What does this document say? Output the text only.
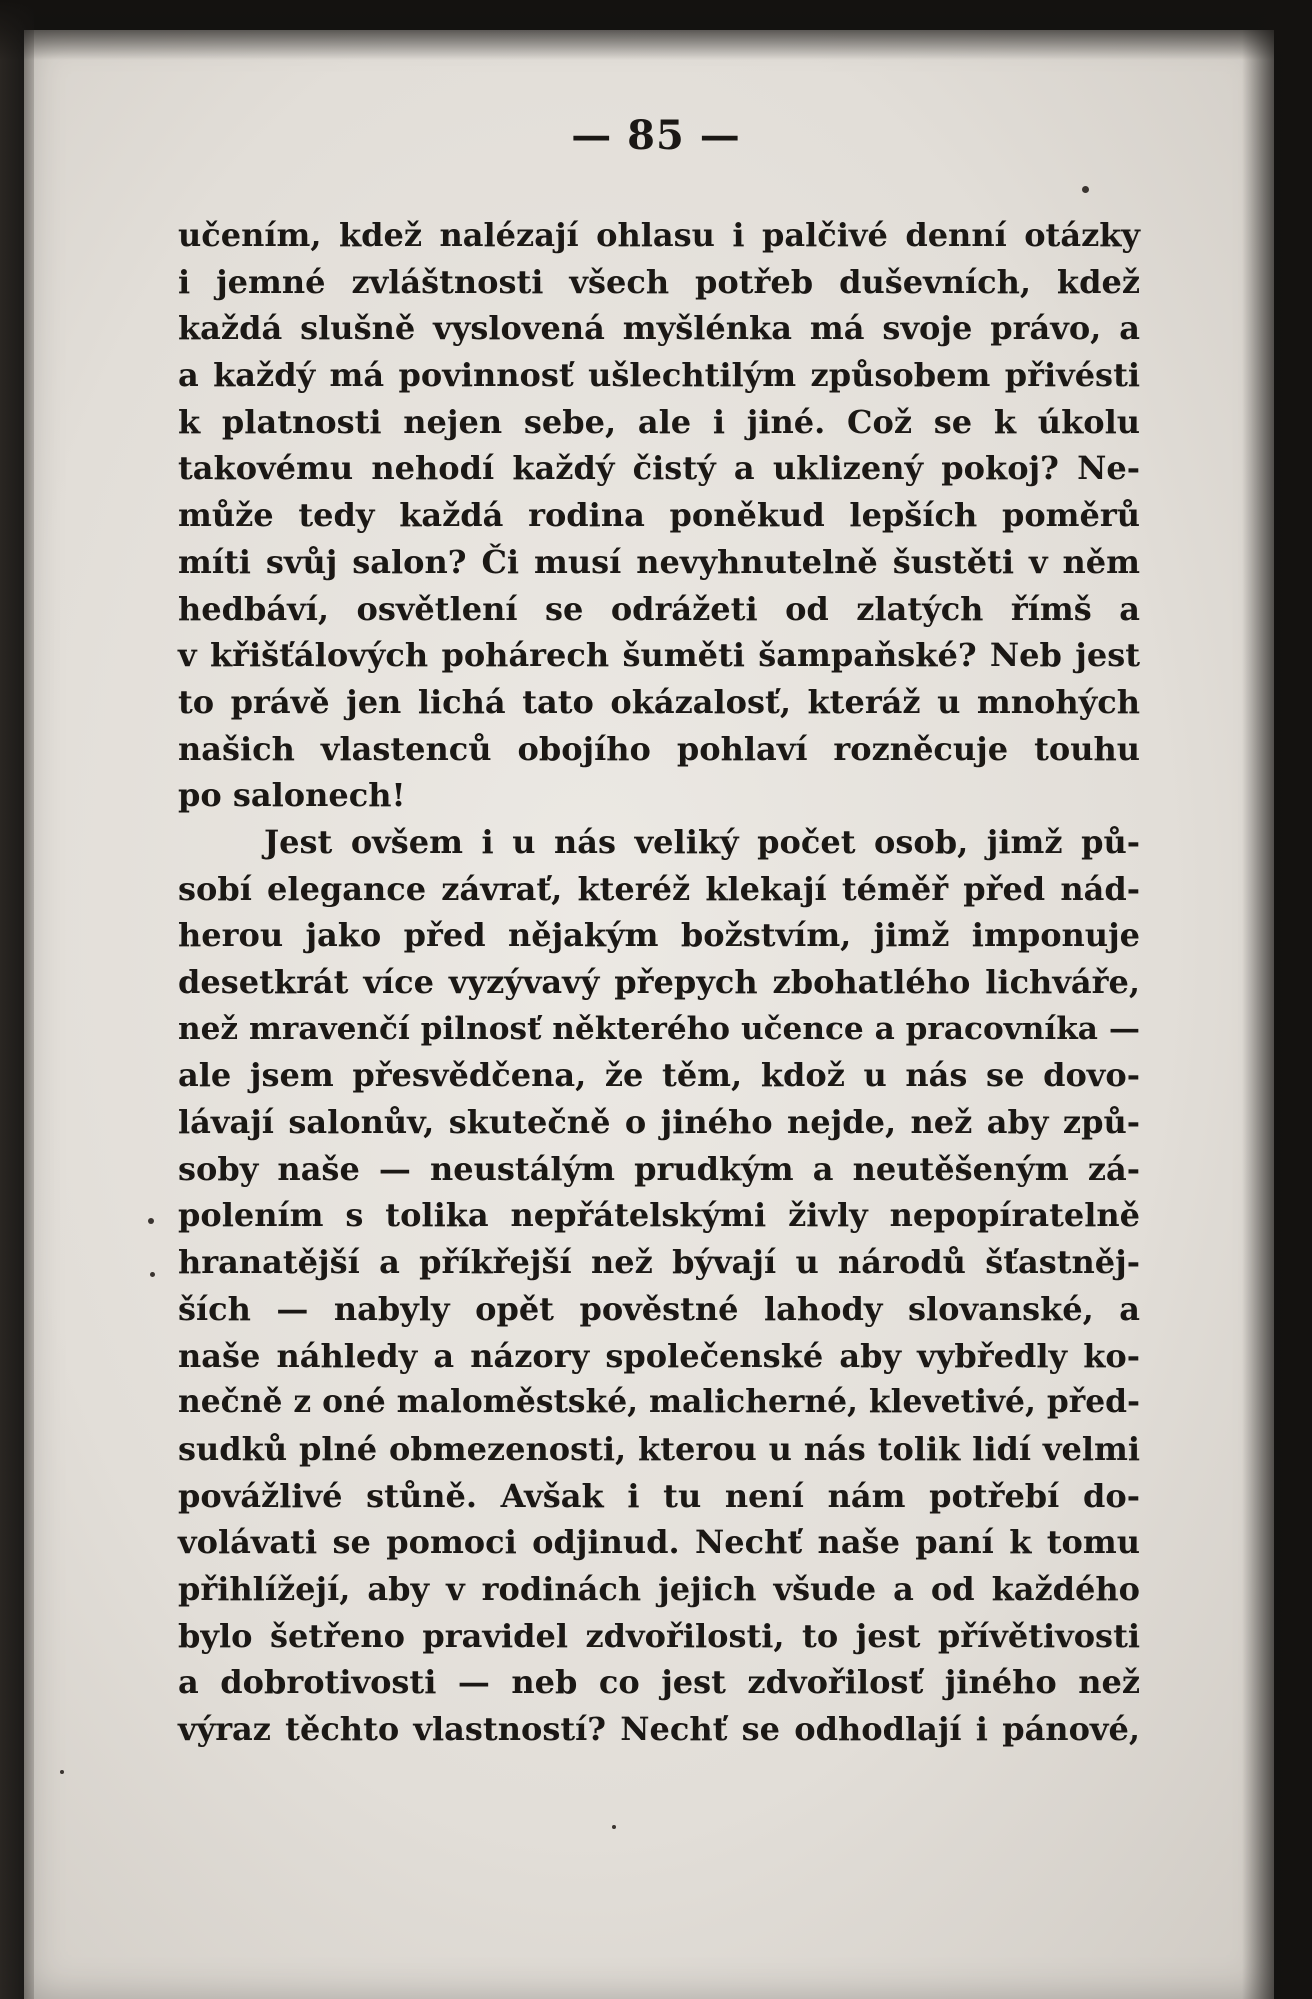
— 85 —
učením, kdež nalézají ohlasu i palčivé denní otázky
i jemné zvláštnosti všech potřeb duševních, kdež
každá slušně vyslovená myšlénka má svoje právo, a
a každý má povinnosť ušlechtilým způsobem přivésti
k platnosti nejen sebe, ale i jiné. Což se k úkolu
takovému nehodí každý čistý a uklizený pokoj? Ne-
může tedy každá rodina poněkud lepších poměrů
míti svůj salon? Či musí nevyhnutelně šustěti v něm
hedbáví, osvětlení se odrážeti od zlatých římš a
v křišťálových pohárech šuměti šampaňské? Neb jest
to právě jen lichá tato okázalosť, kteráž u mnohých
našich vlastenců obojího pohlaví rozněcuje touhu
po salonech!
Jest ovšem i u nás veliký počet osob, jimž pů-
sobí elegance závrať, kteréž klekají téměř před nád-
herou jako před nějakým božstvím, jimž imponuje
desetkrát více vyzývavý přepych zbohatlého lichváře,
než mravenčí pilnosť některého učence a pracovníka —
ale jsem přesvědčena, že těm, kdož u nás se dovo-
lávají salonův, skutečně o jiného nejde, než aby způ-
soby naše — neustálým prudkým a neutěšeným zá-
polením s tolika nepřátelskými živly nepopíratelně
hranatější a příkřejší než bývají u národů šťastněj-
ších — nabyly opět pověstné lahody slovanské, a
naše náhledy a názory společenské aby vybředly ko-
nečně z oné maloměstské, malicherné, klevetivé, před-
sudků plné obmezenosti, kterou u nás tolik lidí velmi
povážlivé stůně. Avšak i tu není nám potřebí do-
volávati se pomoci odjinud. Nechť naše paní k tomu
přihlížejí, aby v rodinách jejich všude a od každého
bylo šetřeno pravidel zdvořilosti, to jest přívětivosti
a dobrotivosti — neb co jest zdvořilosť jiného než
výraz těchto vlastností? Nechť se odhodlají i pánové,
